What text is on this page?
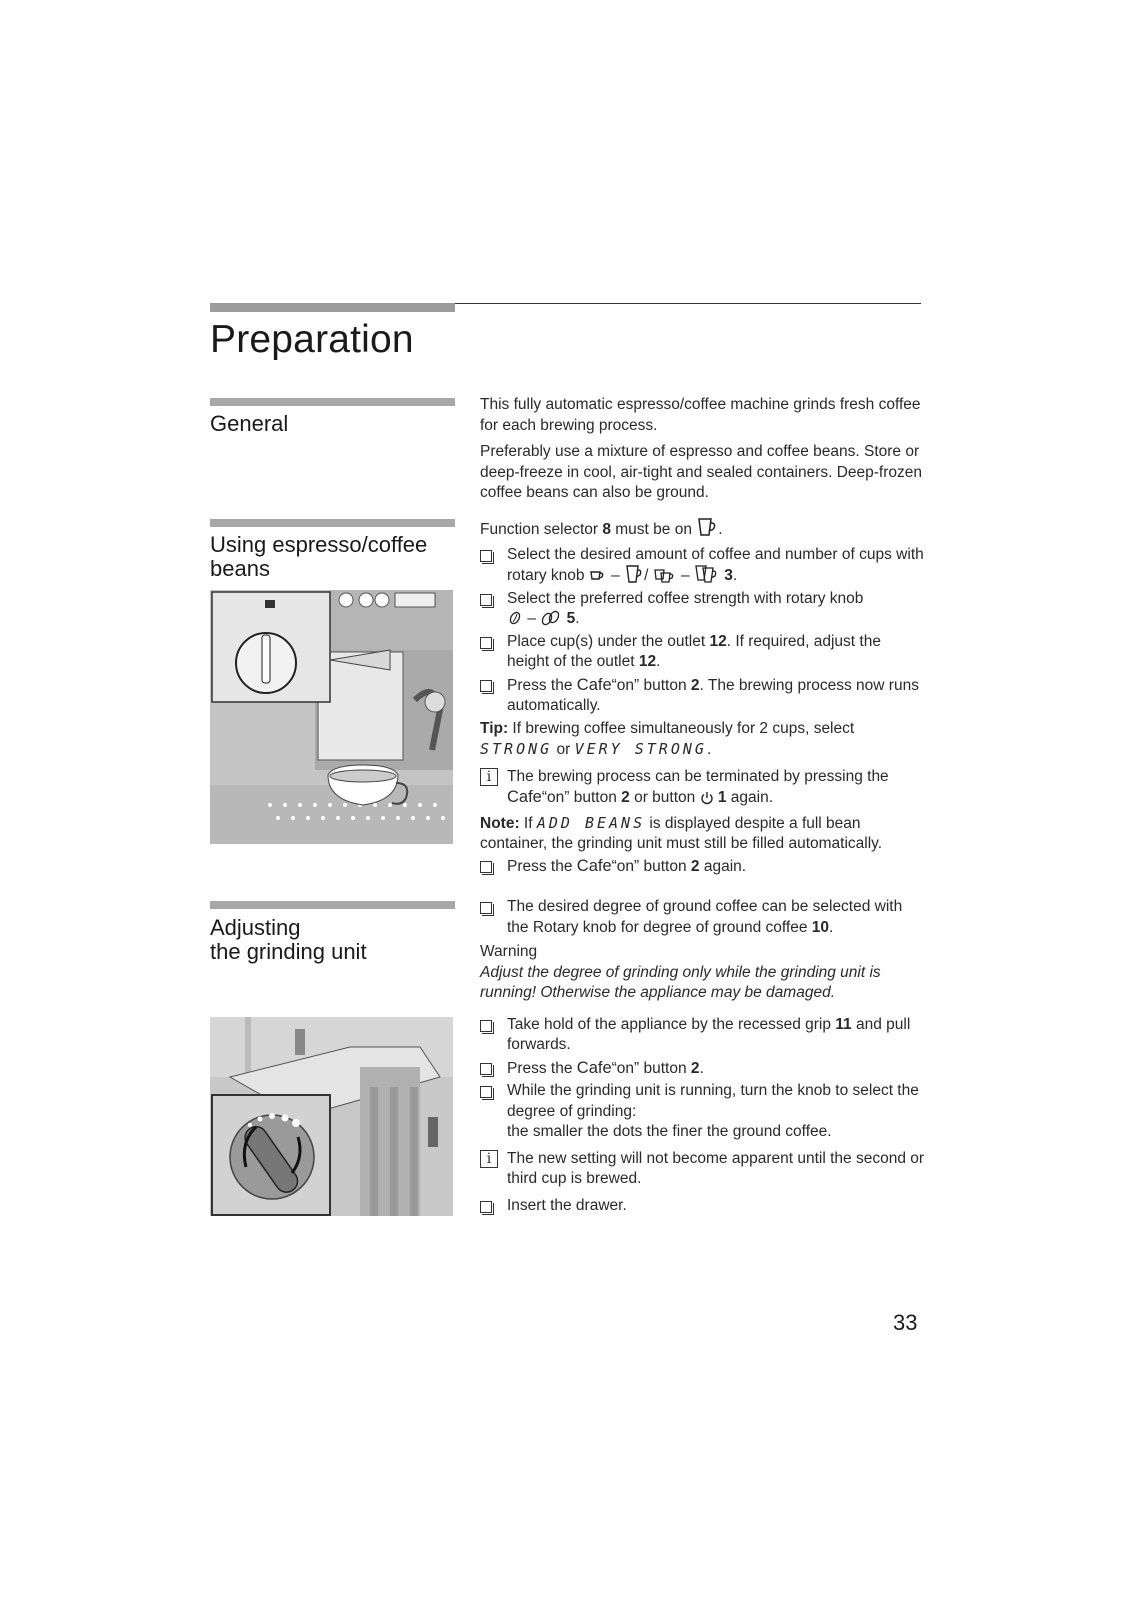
Preparation
General

This fully automatic espresso/coffee machine grinds fresh coffee for each brewing process.

Preferably use a mixture of espresso and coffee beans. Store or deep-freeze in cool, air-tight and sealed containers. Deep-frozen coffee beans can also be ground.

Using espresso/coffee beans

Function selector 8 must be on .

Select the desired amount of coffee and number of cups with rotary knob – / – 3.
Select the preferred coffee strength with rotary knob
– 5.
Place cup(s) under the outlet 12. If required, adjust the height of the outlet 12.
Press the Cafe“on” button 2. The brewing process now runs automatically.

Tip: If brewing coffee simultaneously for 2 cups, select
STRONG or VERY STRONG.

i	The brewing process can be terminated by pressing the Cafe“on” button 2 or button  1 again.

Note: If ADD BEANS is displayed despite a full bean container, the grinding unit must still be filled automatically.

Press the Cafe“on” button 2 again.
Adjusting
the grinding unit
The desired degree of ground coffee can be selected with the Rotary knob for degree of ground coffee 10.

Warning

Adjust the degree of grinding only while the grinding unit is running! Otherwise the appliance may be damaged.

Take hold of the appliance by the recessed grip 11 and pull forwards.
Press the Cafe“on” button 2.
While the grinding unit is running, turn the knob to select the degree of grinding:
the smaller the dots the finer the ground coffee.
i	The new setting will not become apparent until the second or third cup is brewed.
Insert the drawer.
33
